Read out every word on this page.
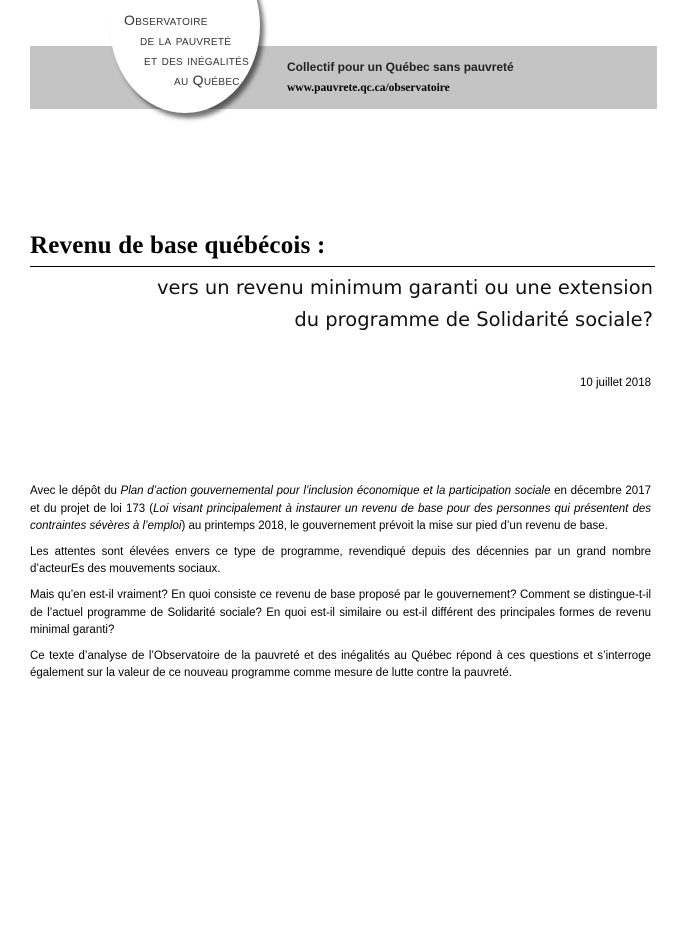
Observatoire
de la pauvreté
et des inégalités
au Québec
Collectif pour un Québec sans pauvreté
www.pauvrete.qc.ca/observatoire
Revenu de base québécois :
vers un revenu minimum garanti ou une extension
du programme de Solidarité sociale?
10 juillet 2018

Avec le dépôt du Plan d’action gouvernemental pour l’inclusion économique et la participation sociale en décembre 2017 et du projet de loi 173 (Loi visant principalement à instaurer un revenu de base pour des personnes qui présentent des contraintes sévères à l’emploi) au printemps 2018, le gouvernement prévoit la mise sur pied d’un revenu de base.

Les attentes sont élevées envers ce type de programme, revendiqué depuis des décennies par un grand nombre d’acteurEs des mouvements sociaux.

Mais qu’en est-il vraiment? En quoi consiste ce revenu de base proposé par le gouvernement? Comment se distingue-t-il de l’actuel programme de Solidarité sociale? En quoi est-il similaire ou est-il différent des principales formes de revenu minimal garanti?

Ce texte d’analyse de l’Observatoire de la pauvreté et des inégalités au Québec répond à ces questions et s’interroge également sur la valeur de ce nouveau programme comme mesure de lutte contre la pauvreté.
